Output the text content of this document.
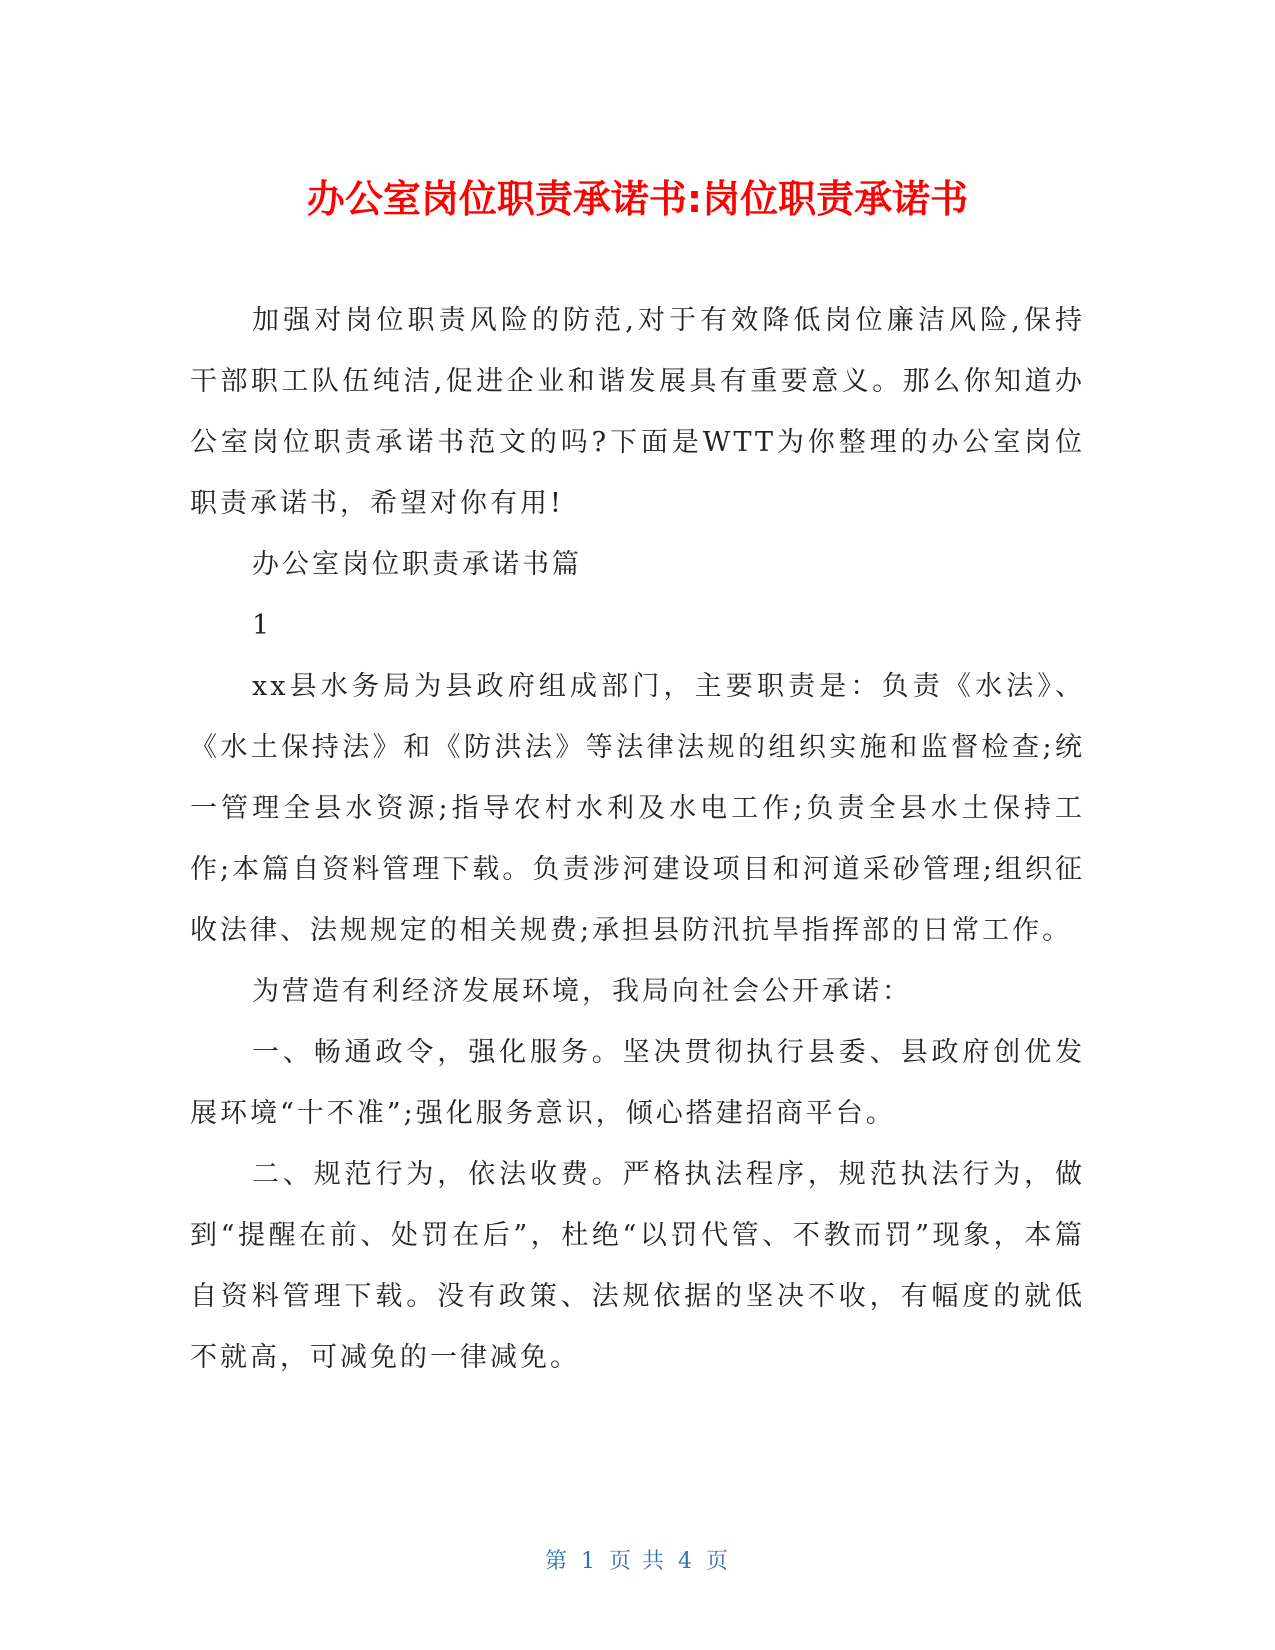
办公室岗位职责承诺书:岗位职责承诺书

加强对岗位职责风险的防范,对于有效降低岗位廉洁风险,保持干部职工队伍纯洁,促进企业和谐发展具有重要意义。那么你知道办公室岗位职责承诺书范文的吗?下面是WTT为你整理的办公室岗位职责承诺书，希望对你有用!

办公室岗位职责承诺书篇

1

xx县水务局为县政府组成部门，主要职责是：负责《水法》、《水土保持法》和《防洪法》等法律法规的组织实施和监督检查;统一管理全县水资源;指导农村水利及水电工作;负责全县水土保持工作;本篇自资料管理下载。负责涉河建设项目和河道采砂管理;组织征收法律、法规规定的相关规费;承担县防汛抗旱指挥部的日常工作。

为营造有利经济发展环境，我局向社会公开承诺：

一、畅通政令，强化服务。坚决贯彻执行县委、县政府创优发展环境“十不准”;强化服务意识，倾心搭建招商平台。

二、规范行为，依法收费。严格执法程序，规范执法行为，做到“提醒在前、处罚在后”，杜绝“以罚代管、不教而罚”现象，本篇自资料管理下载。没有政策、法规依据的坚决不收，有幅度的就低不就高，可减免的一律减免。

第 1 页 共 4 页
